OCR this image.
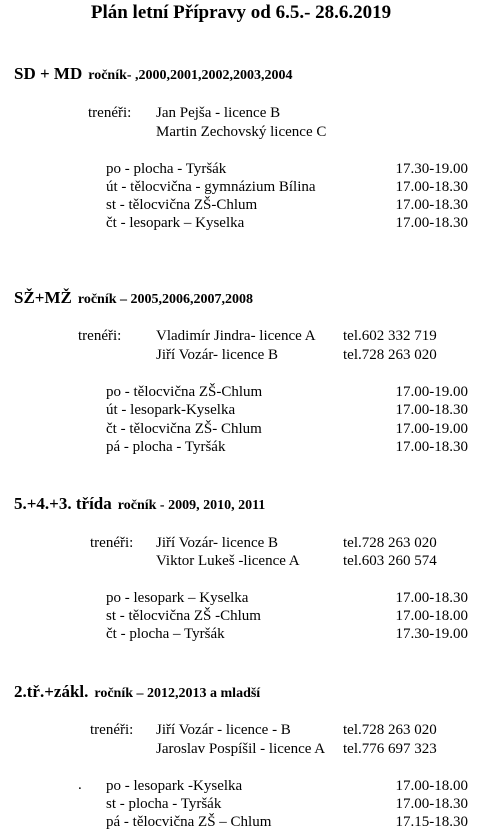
Plán letní Přípravy od 6.5.- 28.6.2019
SD + MD ročník- ,2000,2001,2002,2003,2004
trenéři: Jan Pejša - licence B
Martin Zechovský licence C
po - plocha - Tyršák	17.30-19.00
út - tělocvična - gymnázium Bílina	17.00-18.30
st - tělocvična ZŠ-Chlum	17.00-18.30
čt - lesopark – Kyselka	17.00-18.30
SŽ+MŽ ročník – 2005,2006,2007,2008
trenéři: Vladimír Jindra- licence A tel.602 332 719
Jiří Vozár- licence B	tel.728 263 020
po - tělocvična ZŠ-Chlum	17.00-19.00
út - lesopark-Kyselka	17.00-18.30
čt - tělocvična ZŠ- Chlum	17.00-19.00
pá - plocha - Tyršák	17.00-18.30
5.+4.+3. třída ročník - 2009, 2010, 2011
trenéři: Jiří Vozár- licence B	tel.728 263 020
Viktor Lukeš -licence A	tel.603 260 574
po - lesopark – Kyselka	17.00-18.30
st - tělocvična ZŠ -Chlum	17.00-18.00
čt - plocha – Tyršák	17.30-19.00
2.tř.+zákl. ročník – 2012,2013 a mladší
trenéři: Jiří Vozár - licence - B	tel.728 263 020
Jaroslav Pospíšil - licence A tel.776 697 323
. po - lesopark -Kyselka	17.00-18.00
st - plocha - Tyršák	17.00-18.30
pá - tělocvična ZŠ – Chlum	17.15-18.30
